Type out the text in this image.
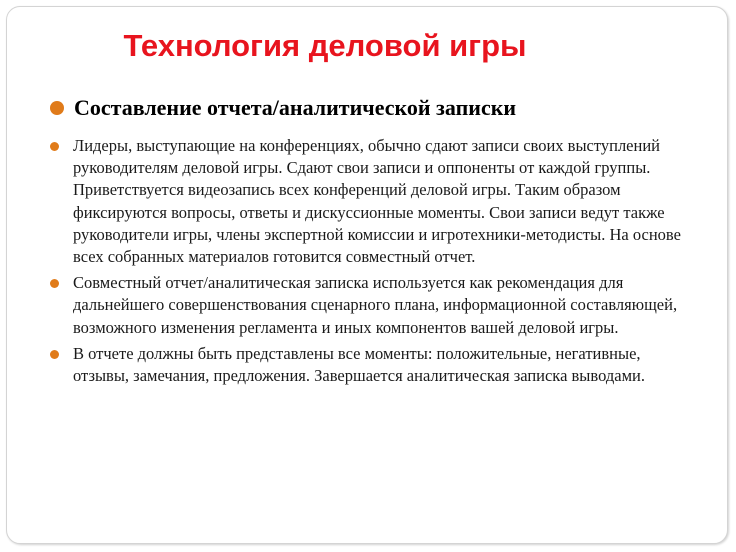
Технология деловой игры
Составление отчета/аналитической записки
Лидеры, выступающие на конференциях, обычно сдают записи своих выступлений руководителям деловой игры. Сдают свои записи и оппоненты от каждой группы. Приветствуется видеозапись всех конференций деловой игры. Таким образом фиксируются вопросы, ответы и дискуссионные моменты. Свои записи ведут также руководители игры, члены экспертной комиссии и игротехники-методисты. На основе всех собранных материалов готовится совместный отчет.
Совместный отчет/аналитическая записка используется как рекомендация для дальнейшего совершенствования сценарного плана, информационной составляющей, возможного изменения регламента и иных компонентов вашей деловой игры.
В отчете должны быть представлены все моменты: положительные, негативные, отзывы, замечания, предложения. Завершается аналитическая записка выводами.
